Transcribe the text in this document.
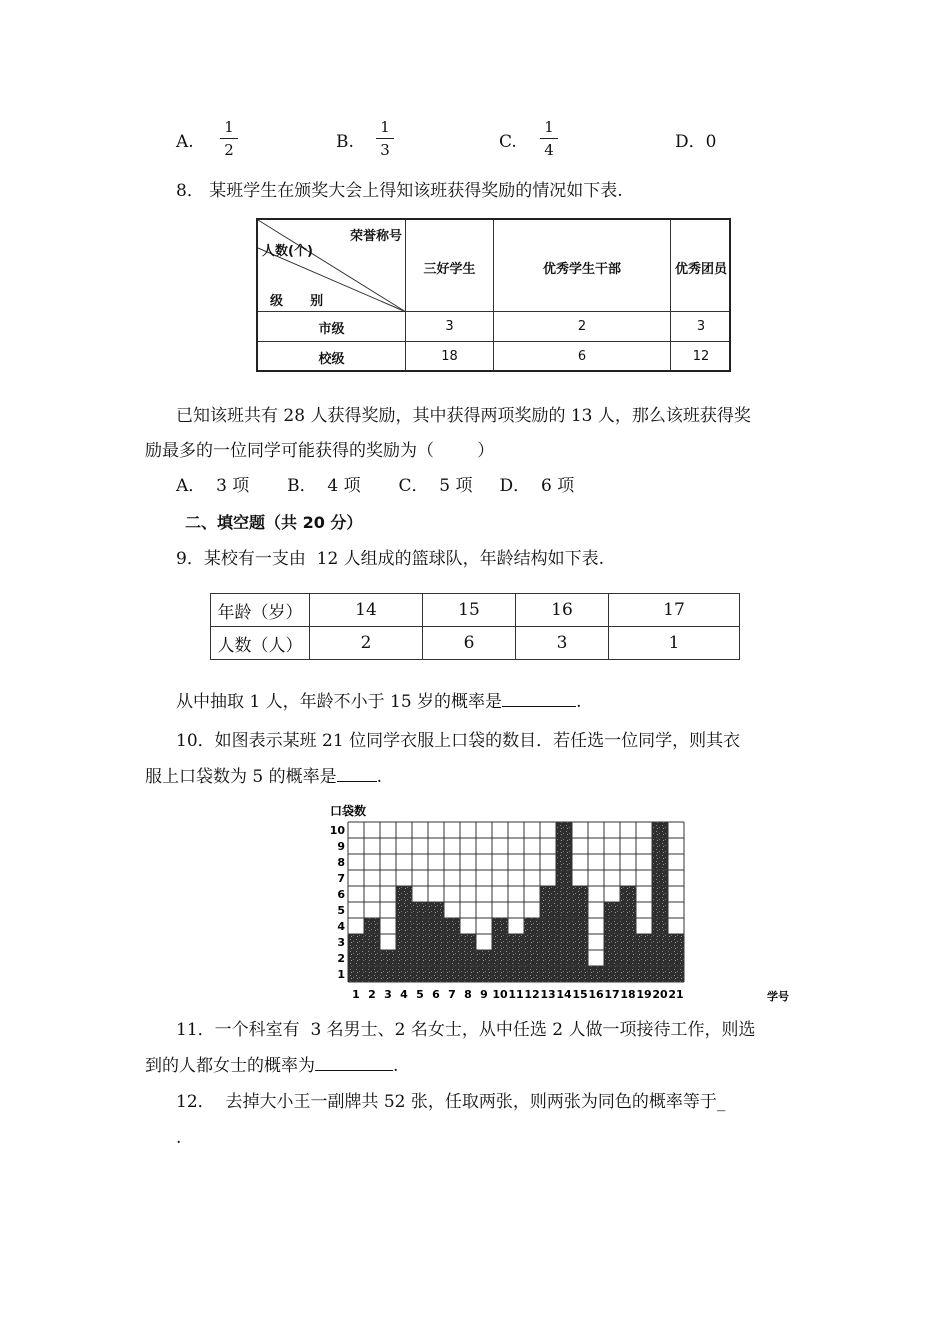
A.
1
2	B.
1
3	C.
1
4	D．0
8． 某班学生在颁奖大会上得知该班获得奖励的情况如下表.
荣誉称号
人数(个)
级      别
三好学生	优秀学生干部	优秀团员
市级	3	2	3
校级	18	6	12
已知该班共有 28 人获得奖励，其中获得两项奖励的 13 人，那么该班获得奖
励最多的一位同学可能获得的奖励为（        ）
A．  3 项       B．  4 项       C．  5 项     D．  6 项
二、填空题（共 20 分）
9．某校有一支由  12 人组成的篮球队，年龄结构如下表.
年龄（岁）	14	15	16	17
人数（人）	2	6	3	1
从中抽取 1 人，年龄不小于 15 岁的概率是	.
10．如图表示某班 21 位同学衣服上口袋的数目．若任选一位同学，则其衣
服上口袋数为 5 的概率是 .
1
2
3
4
5
6
7
8
9
10
1 2 3 4 5 6 7 8 9 10 11 12 13 14 15 16 17 18 19 20 21
口袋数
学号
11．一个科室有  3 名男士、2 名女士，从中任选 2 人做一项接待工作，则选
到的人都女士的概率为	.
12．  去掉大小王一副牌共 52 张，任取两张，则两张为同色的概率等于_
.
